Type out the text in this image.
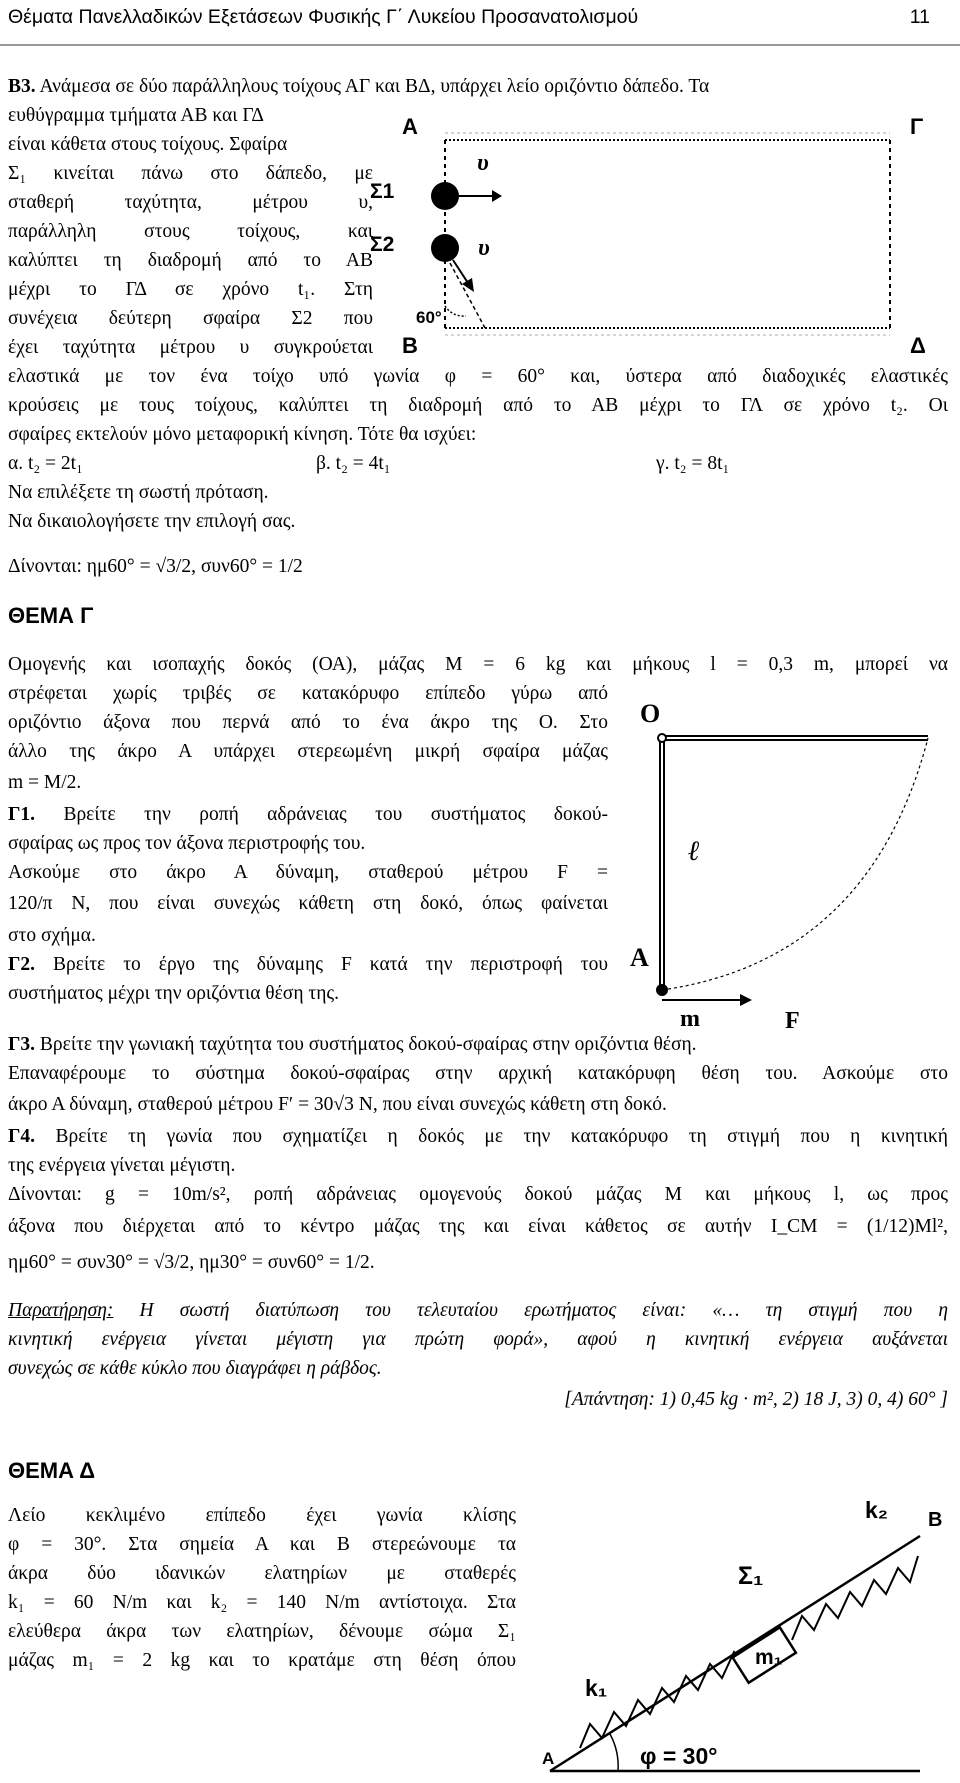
Θέματα Πανελλαδικών Εξετάσεων Φυσικής Γ΄ Λυκείου Προσανατολισμού	11
Β3. Ανάμεσα σε δύο παράλληλους τοίχους ΑΓ και ΒΔ, υπάρχει λείο οριζόντιο δάπεδο. Τα
ευθύγραμμα τμήματα ΑΒ και ΓΔ
είναι κάθετα στους τοίχους. Σφαίρα
Σ₁ κινείται πάνω στο δάπεδο, με
σταθερή ταχύτητα, μέτρου υ,
παράλληλη στους τοίχους, και
καλύπτει τη διαδρομή από το ΑΒ
μέχρι το ΓΔ σε χρόνο t₁. Στη
συνέχεια δεύτερη σφαίρα Σ2 που
έχει ταχύτητα μέτρου υ συγκρούεται
ελαστικά με τον ένα τοίχο υπό γωνία φ = 60° και, ύστερα από διαδοχικές ελαστικές
κρούσεις με τους τοίχους, καλύπτει τη διαδρομή από το ΑΒ μέχρι το ΓΛ σε χρόνο t₂. Οι
σφαίρες εκτελούν μόνο μεταφορική κίνηση. Τότε θα ισχύει:
α. t₂ = 2t₁	β. t₂ = 4t₁	γ. t₂ = 8t₁
Να επιλέξετε τη σωστή πρόταση.
Να δικαιολογήσετε την επιλογή σας.
Δίνονται: ημ60° = √3/2, συν60° = 1/2
Α	Γ
Β	Δ
Σ1
Σ2
υ
υ
60°
ΘΕΜΑ Γ
Ομογενής και ισοπαχής δοκός (ΟΑ), μάζας M = 6 kg και μήκους l = 0,3 m, μπορεί να
στρέφεται χωρίς τριβές σε κατακόρυφο επίπεδο γύρω από
οριζόντιο άξονα που περνά από το ένα άκρο της Ο. Στο
άλλο της άκρο Α υπάρχει στερεωμένη μικρή σφαίρα μάζας
m = M/2.
Γ1. Βρείτε την ροπή αδράνειας του συστήματος δοκού-
σφαίρας ως προς τον άξονα περιστροφής του.
Ασκούμε στο άκρο Α δύναμη, σταθερού μέτρου F =
120/π N, που είναι συνεχώς κάθετη στη δοκό, όπως φαίνεται
στο σχήμα.
Γ2. Βρείτε το έργο της δύναμης F κατά την περιστροφή του
συστήματος μέχρι την οριζόντια θέση της.
Γ3. Βρείτε την γωνιακή ταχύτητα του συστήματος δοκού-σφαίρας στην οριζόντια θέση.
Επαναφέρουμε το σύστημα δοκού-σφαίρας στην αρχική κατακόρυφη θέση του. Ασκούμε στο
άκρο Α δύναμη, σταθερού μέτρου F′ = 30√3 N, που είναι συνεχώς κάθετη στη δοκό.
Γ4. Βρείτε τη γωνία που σχηματίζει η δοκός με την κατακόρυφο τη στιγμή που η κινητική
της ενέργεια γίνεται μέγιστη.
Δίνονται: g = 10m/s², ροπή αδράνειας ομογενούς δοκού μάζας M και μήκους l, ως προς
άξονα που διέρχεται από το κέντρο μάζας της και είναι κάθετος σε αυτήν I_CM = (1/12)Ml²,
ημ60° = συν30° = √3/2, ημ30° = συν60° = 1/2.
Παρατήρηση: Η σωστή διατύπωση του τελευταίου ερωτήματος είναι: «… τη στιγμή που η
κινητική ενέργεια γίνεται μέγιστη για πρώτη φορά», αφού η κινητική ενέργεια αυξάνεται
συνεχώς σε κάθε κύκλο που διαγράφει η ράβδος.
[Απάντηση: 1) 0,45 kg · m², 2) 18 J, 3) 0, 4) 60° ]
O
ℓ
A
m	F
ΘΕΜΑ Δ
Λείο κεκλιμένο επίπεδο έχει γωνία κλίσης
φ = 30°. Στα σημεία Α και Β στερεώνουμε τα
άκρα δύο ιδανικών ελατηρίων με σταθερές
k₁ = 60 N/m και k₂ = 140 N/m αντίστοιχα. Στα
ελεύθερα άκρα των ελατηρίων, δένουμε σώμα Σ₁
μάζας m₁ = 2 kg και το κρατάμε στη θέση όπου
k₂ B
Σ₁
m₁
k₁
A	φ = 30°
